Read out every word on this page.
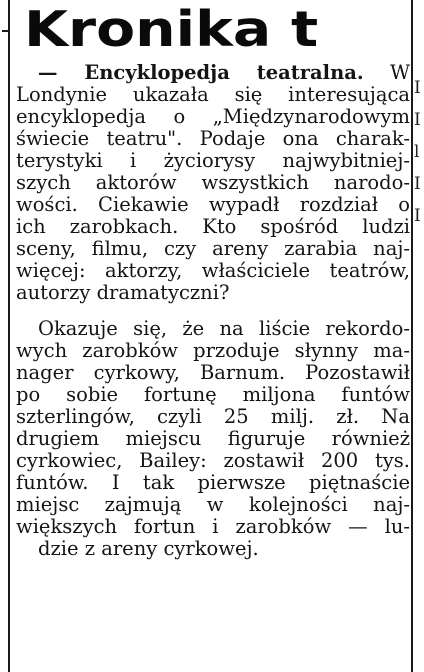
I
I
l
I
I
Kronika t
— Encyklopedja teatralna. W
Londynie ukazała się interesująca
encyklopedja o „Międzynarodowym
świecie teatru". Podaje ona charak-
terystyki i życiorysy najwybitniej-
szych aktorów wszystkich narodo-
wości. Ciekawie wypadł rozdział o
ich zarobkach. Kto spośród ludzi
sceny, filmu, czy areny zarabia naj-
więcej: aktorzy, właściciele teatrów,
autorzy dramatyczni?
Okazuje się, że na liście rekordo-
wych zarobków przoduje słynny ma-
nager cyrkowy, Barnum. Pozostawił
po sobie fortunę miljona funtów
szterlingów, czyli 25 milj. zł. Na
drugiem miejscu figuruje również
cyrkowiec, Bailey: zostawił 200 tys.
funtów. I tak pierwsze piętnaście
miejsc zajmują w kolejności naj-
większych fortun i zarobków — lu-
dzie z areny cyrkowej.
